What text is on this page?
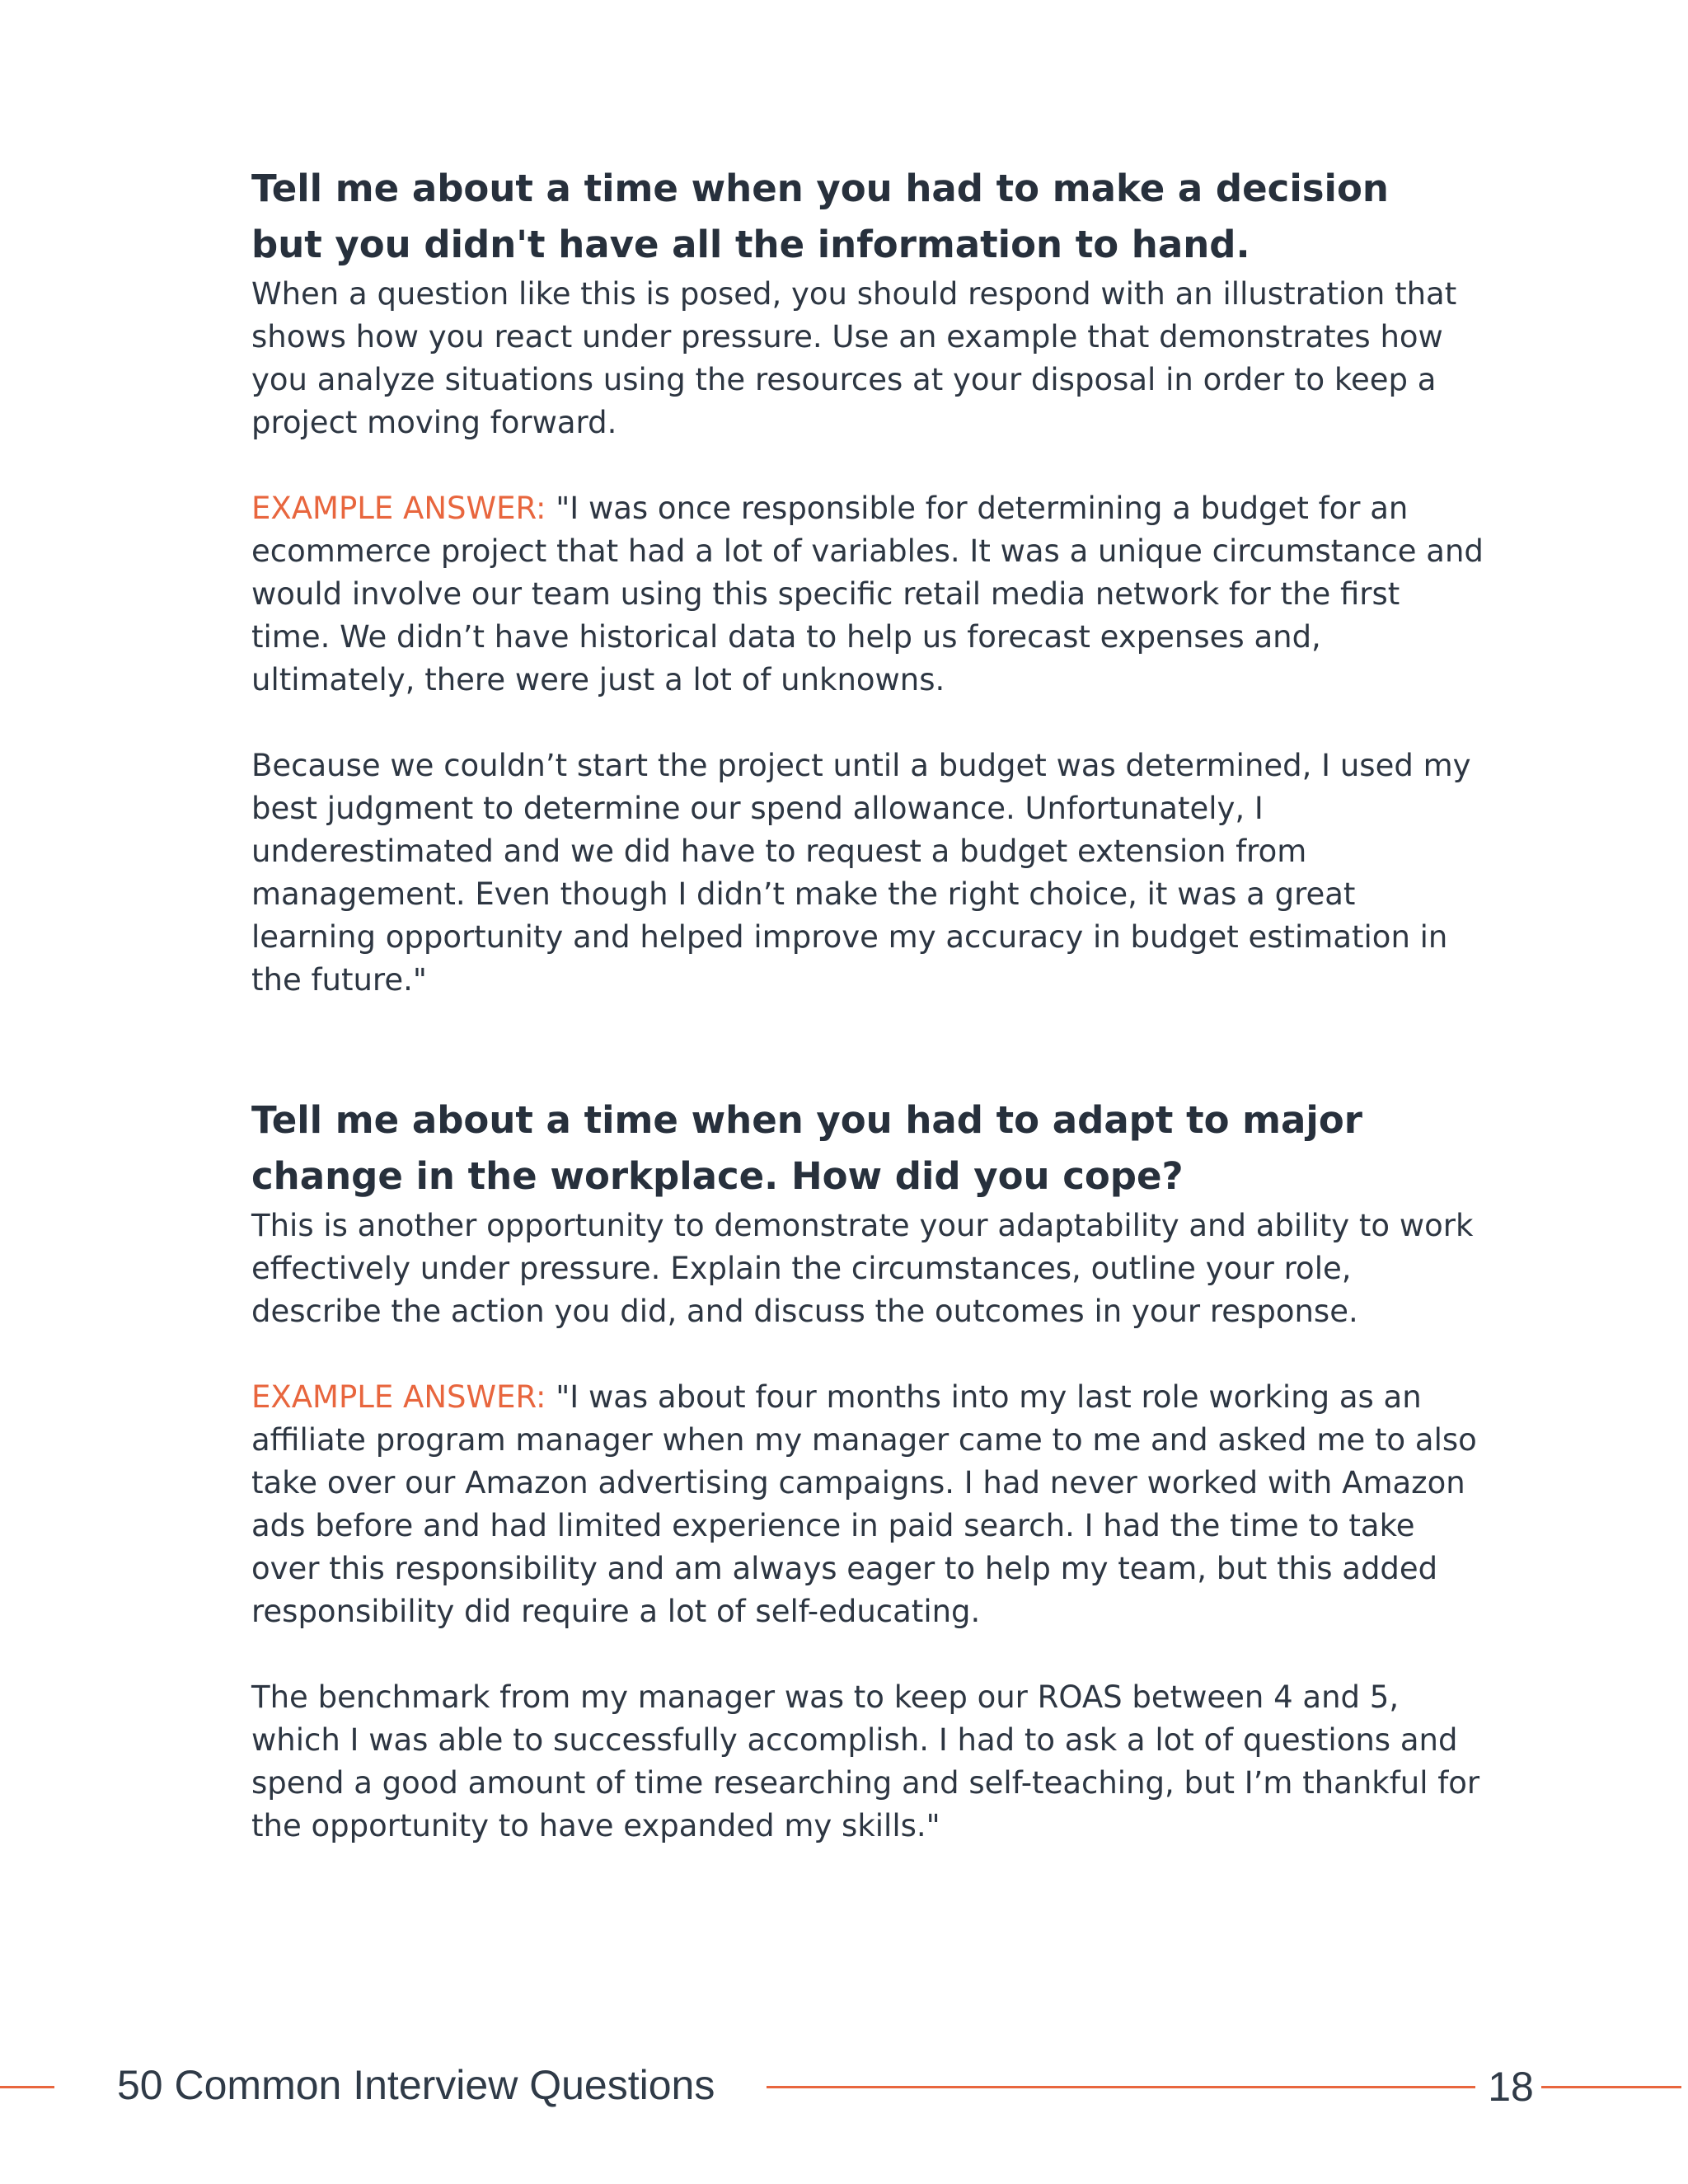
Tell me about a time when you had to make a decision but you didn't have all the information to hand.

When a question like this is posed, you should respond with an illustration that shows how you react under pressure. Use an example that demonstrates how you analyze situations using the resources at your disposal in order to keep a project moving forward.

EXAMPLE ANSWER: "I was once responsible for determining a budget for an ecommerce project that had a lot of variables. It was a unique circumstance and would involve our team using this specific retail media network for the first time. We didn’t have historical data to help us forecast expenses and, ultimately, there were just a lot of unknowns.

Because we couldn’t start the project until a budget was determined, I used my best judgment to determine our spend allowance. Unfortunately, I underestimated and we did have to request a budget extension from management. Even though I didn’t make the right choice, it was a great learning opportunity and helped improve my accuracy in budget estimation in the future."

Tell me about a time when you had to adapt to major change in the workplace. How did you cope?

This is another opportunity to demonstrate your adaptability and ability to work effectively under pressure. Explain the circumstances, outline your role, describe the action you did, and discuss the outcomes in your response.

EXAMPLE ANSWER: "I was about four months into my last role working as an affiliate program manager when my manager came to me and asked me to also take over our Amazon advertising campaigns. I had never worked with Amazon ads before and had limited experience in paid search. I had the time to take over this responsibility and am always eager to help my team, but this added responsibility did require a lot of self-educating.

The benchmark from my manager was to keep our ROAS between 4 and 5, which I was able to successfully accomplish. I had to ask a lot of questions and spend a good amount of time researching and self-teaching, but I’m thankful for the opportunity to have expanded my skills."

50 Common Interview Questions	18
